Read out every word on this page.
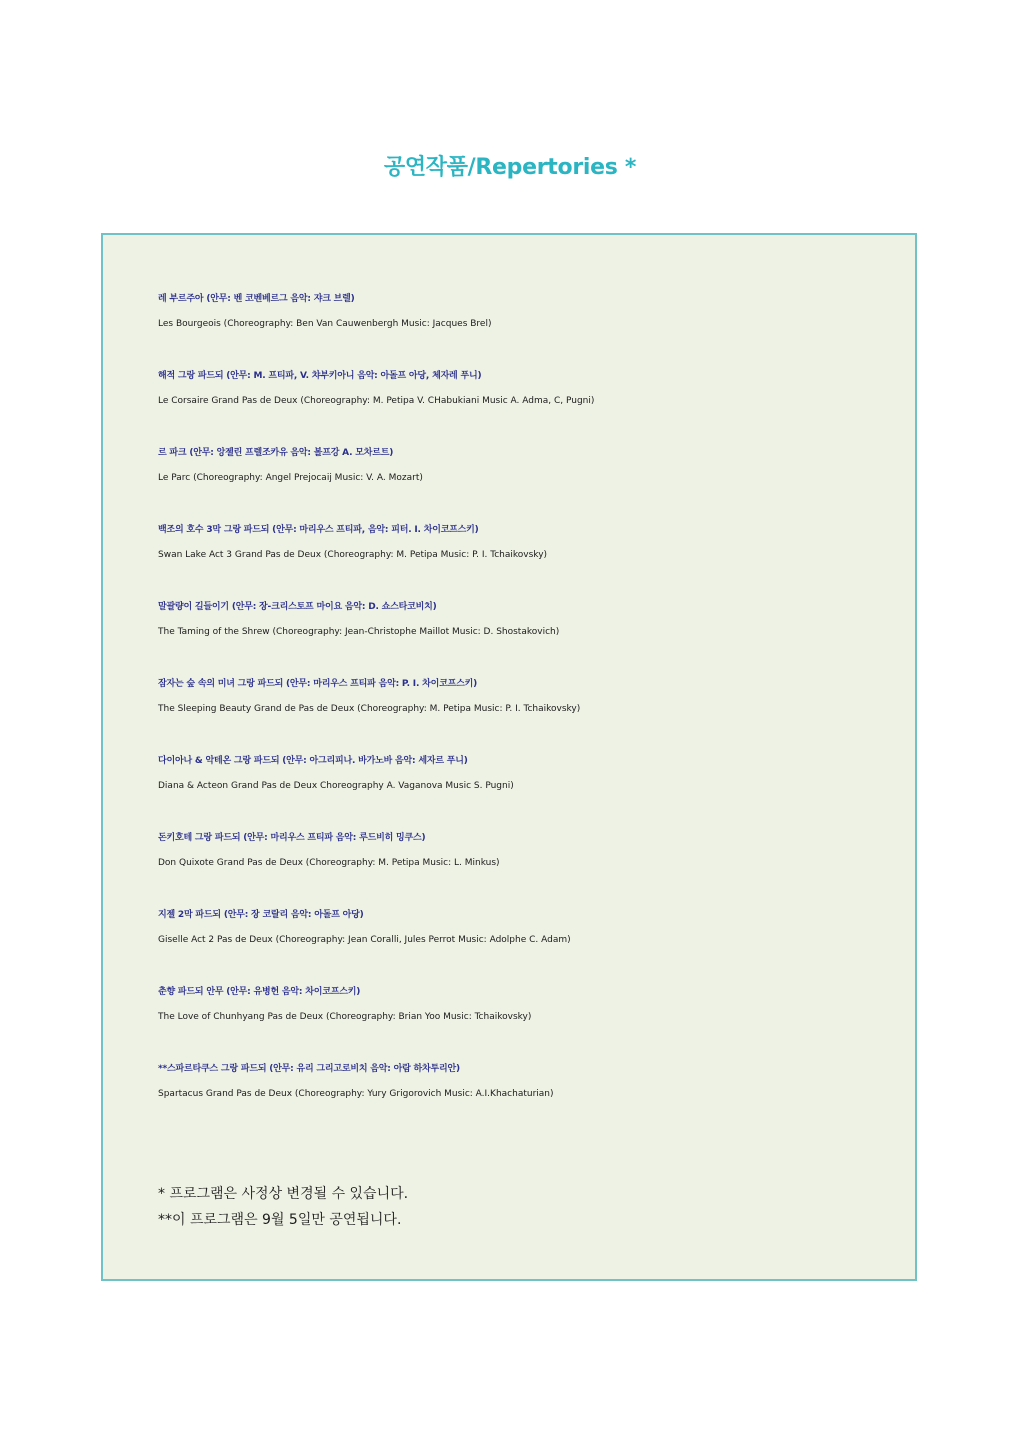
공연작품/Repertories *
레 부르주아 (안무: 벤 코벤베르그 음악: 쟈크 브렐)
Les Bourgeois (Choreography: Ben Van Cauwenbergh Music: Jacques Brel)
해적 그랑 파드되 (안무: M. 프티파, V. 챠부키아니 음악: 아돌프 아당, 체자레 푸니)
Le Corsaire Grand Pas de Deux (Choreography: M. Petipa V. CHabukiani Music A. Adma, C, Pugni)
르 파크 (안무: 앙젤린 프렐조카유 음악: 볼프강 A. 모차르트)
Le Parc (Choreography: Angel Prejocaij Music: V. A. Mozart)
백조의 호수 3막 그랑 파드되 (안무: 마리우스 프티파, 음악: 피터. I. 차이코프스키)
Swan Lake Act 3 Grand Pas de Deux (Choreography: M. Petipa Music: P. I. Tchaikovsky)
말괄량이 길들이기 (안무: 장-크리스토프 마이요 음악: D. 쇼스타코비치)
The Taming of the Shrew (Choreography: Jean-Christophe Maillot Music: D. Shostakovich)
잠자는 숲 속의 미녀 그랑 파드되 (안무: 마리우스 프티파 음악: P. I. 차이코프스키)
The Sleeping Beauty Grand de Pas de Deux (Choreography: M. Petipa Music: P. I. Tchaikovsky)
다이아나 & 악테온 그랑 파드되 (안무: 아그리피나. 바가노바 음악: 세자르 푸니)
Diana & Acteon Grand Pas de Deux Choreography A. Vaganova Music S. Pugni)
돈키호테 그랑 파드되 (안무: 마리우스 프티파 음악: 루드비히 밍쿠스)
Don Quixote Grand Pas de Deux (Choreography: M. Petipa Music: L. Minkus)
지젤 2막 파드되 (안무: 장 코랄리 음악: 아돌프 아당)
Giselle Act 2 Pas de Deux (Choreography: Jean Coralli, Jules Perrot Music: Adolphe C. Adam)
춘향 파드되 안무 (안무: 유병헌 음악: 차이코프스키)
The Love of Chunhyang Pas de Deux (Choreography: Brian Yoo Music: Tchaikovsky)
**스파르타쿠스 그랑 파드되 (안무: 유리 그리고로비치 음악: 아람 하차투리안)
Spartacus Grand Pas de Deux (Choreography: Yury Grigorovich Music: A.I.Khachaturian)
* 프로그램은 사정상 변경될 수 있습니다.
**이 프로그램은 9월 5일만 공연됩니다.
